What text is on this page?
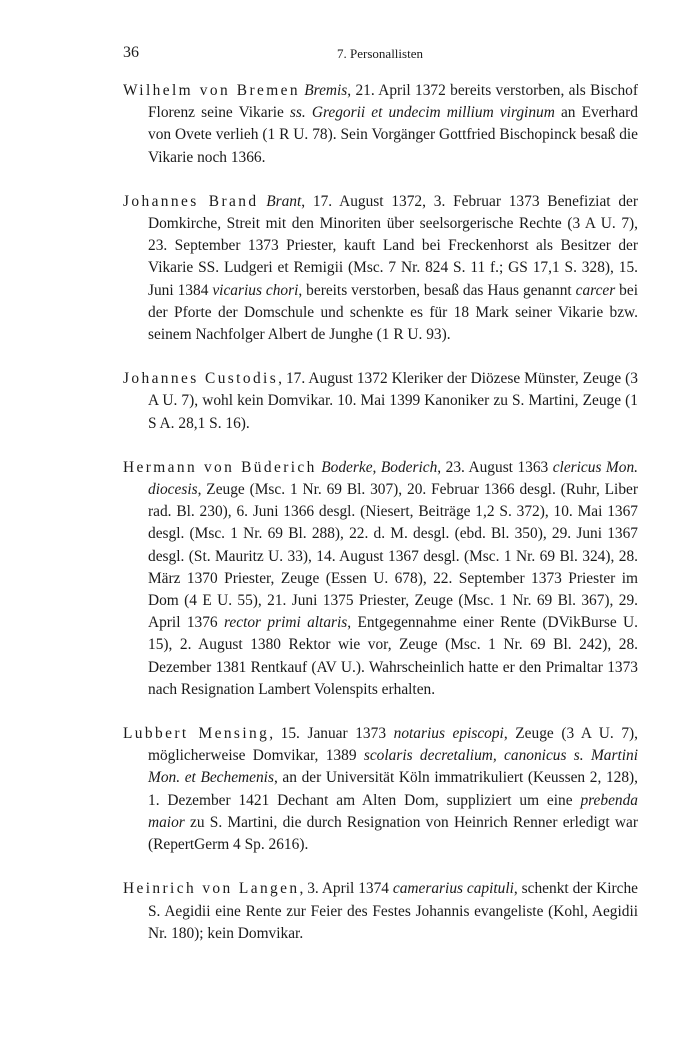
36	7. Personallisten

Wilhelm von Bremen Bremis, 21. April 1372 bereits verstorben, als Bischof Florenz seine Vikarie ss. Gregorii et undecim millium virginum an Everhard von Ovete verlieh (1 R U. 78). Sein Vorgänger Gottfried Bischopinck besaß die Vikarie noch 1366.

Johannes Brand Brant, 17. August 1372, 3. Februar 1373 Benefiziat der Domkirche, Streit mit den Minoriten über seelsorgerische Rechte (3 A U. 7), 23. September 1373 Priester, kauft Land bei Freckenhorst als Besitzer der Vikarie SS. Ludgeri et Remigii (Msc. 7 Nr. 824 S. 11 f.; GS 17,1 S. 328), 15. Juni 1384 vicarius chori, bereits verstorben, besaß das Haus genannt carcer bei der Pforte der Domschule und schenkte es für 18 Mark seiner Vikarie bzw. seinem Nachfolger Albert de Junghe (1 R U. 93).

Johannes Custodis, 17. August 1372 Kleriker der Diözese Münster, Zeuge (3 A U. 7), wohl kein Domvikar. 10. Mai 1399 Kanoniker zu S. Martini, Zeuge (1 S A. 28,1 S. 16).

Hermann von Büderich Boderke, Boderich, 23. August 1363 clericus Mon. diocesis, Zeuge (Msc. 1 Nr. 69 Bl. 307), 20. Februar 1366 desgl. (Ruhr, Liber rad. Bl. 230), 6. Juni 1366 desgl. (Niesert, Beiträge 1,2 S. 372), 10. Mai 1367 desgl. (Msc. 1 Nr. 69 Bl. 288), 22. d. M. desgl. (ebd. Bl. 350), 29. Juni 1367 desgl. (St. Mauritz U. 33), 14. August 1367 desgl. (Msc. 1 Nr. 69 Bl. 324), 28. März 1370 Priester, Zeuge (Essen U. 678), 22. September 1373 Priester im Dom (4 E U. 55), 21. Juni 1375 Priester, Zeuge (Msc. 1 Nr. 69 Bl. 367), 29. April 1376 rector primi altaris, Entgegennahme einer Rente (DVikBurse U. 15), 2. August 1380 Rektor wie vor, Zeuge (Msc. 1 Nr. 69 Bl. 242), 28. Dezember 1381 Rentkauf (AV U.). Wahrscheinlich hatte er den Primaltar 1373 nach Resignation Lambert Volenspits erhalten.

Lubbert Mensing, 15. Januar 1373 notarius episcopi, Zeuge (3 A U. 7), möglicherweise Domvikar, 1389 scolaris decretalium, canonicus s. Martini Mon. et Bechemenis, an der Universität Köln immatrikuliert (Keussen 2, 128), 1. Dezember 1421 Dechant am Alten Dom, suppliziert um eine prebenda maior zu S. Martini, die durch Resignation von Heinrich Renner erledigt war (RepertGerm 4 Sp. 2616).

Heinrich von Langen, 3. April 1374 camerarius capituli, schenkt der Kirche S. Aegidii eine Rente zur Feier des Festes Johannis evangeliste (Kohl, Aegidii Nr. 180); kein Domvikar.
